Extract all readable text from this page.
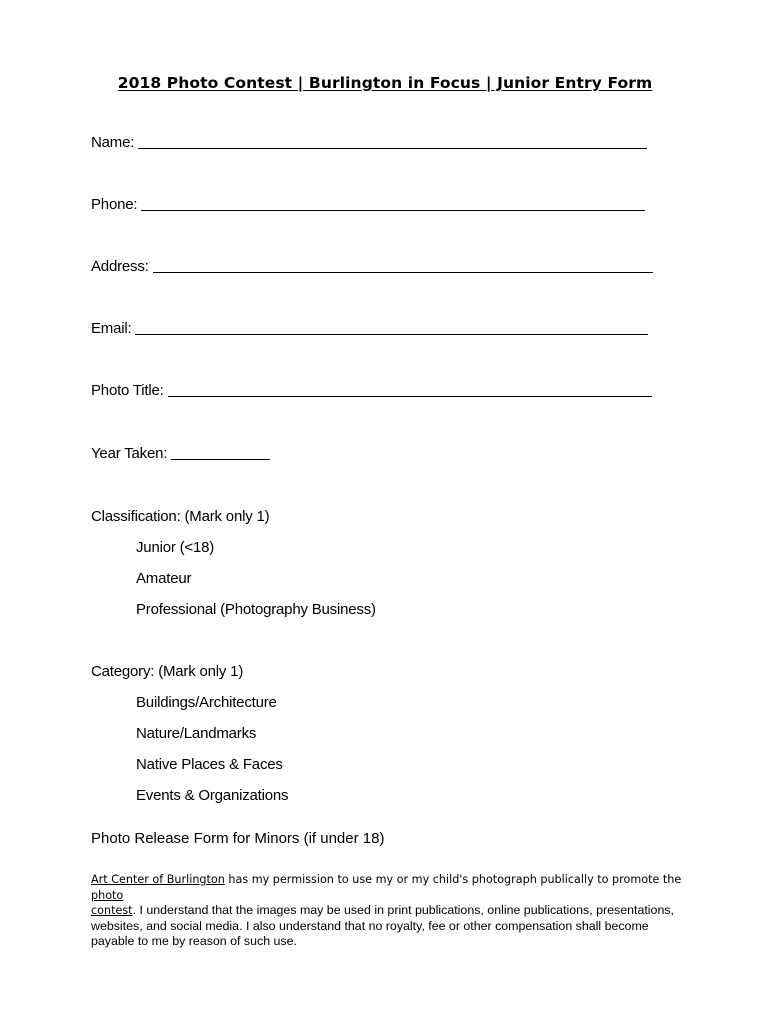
2018 Photo Contest | Burlington in Focus | Junior Entry Form
Name:
Phone:
Address:
Email:
Photo Title:
Year Taken:
Classification: (Mark only 1)
Junior (<18)
Amateur
Professional (Photography Business)
Category: (Mark only 1)
Buildings/Architecture
Nature/Landmarks
Native Places & Faces
Events & Organizations
Photo Release Form for Minors (if under 18)
Art Center of Burlington has my permission to use my or my child's photograph publically to promote the photo
contest. I understand that the images may be used in print publications, online publications, presentations, websites, and social media. I also understand that no royalty, fee or other compensation shall become payable to me by reason of such use.
